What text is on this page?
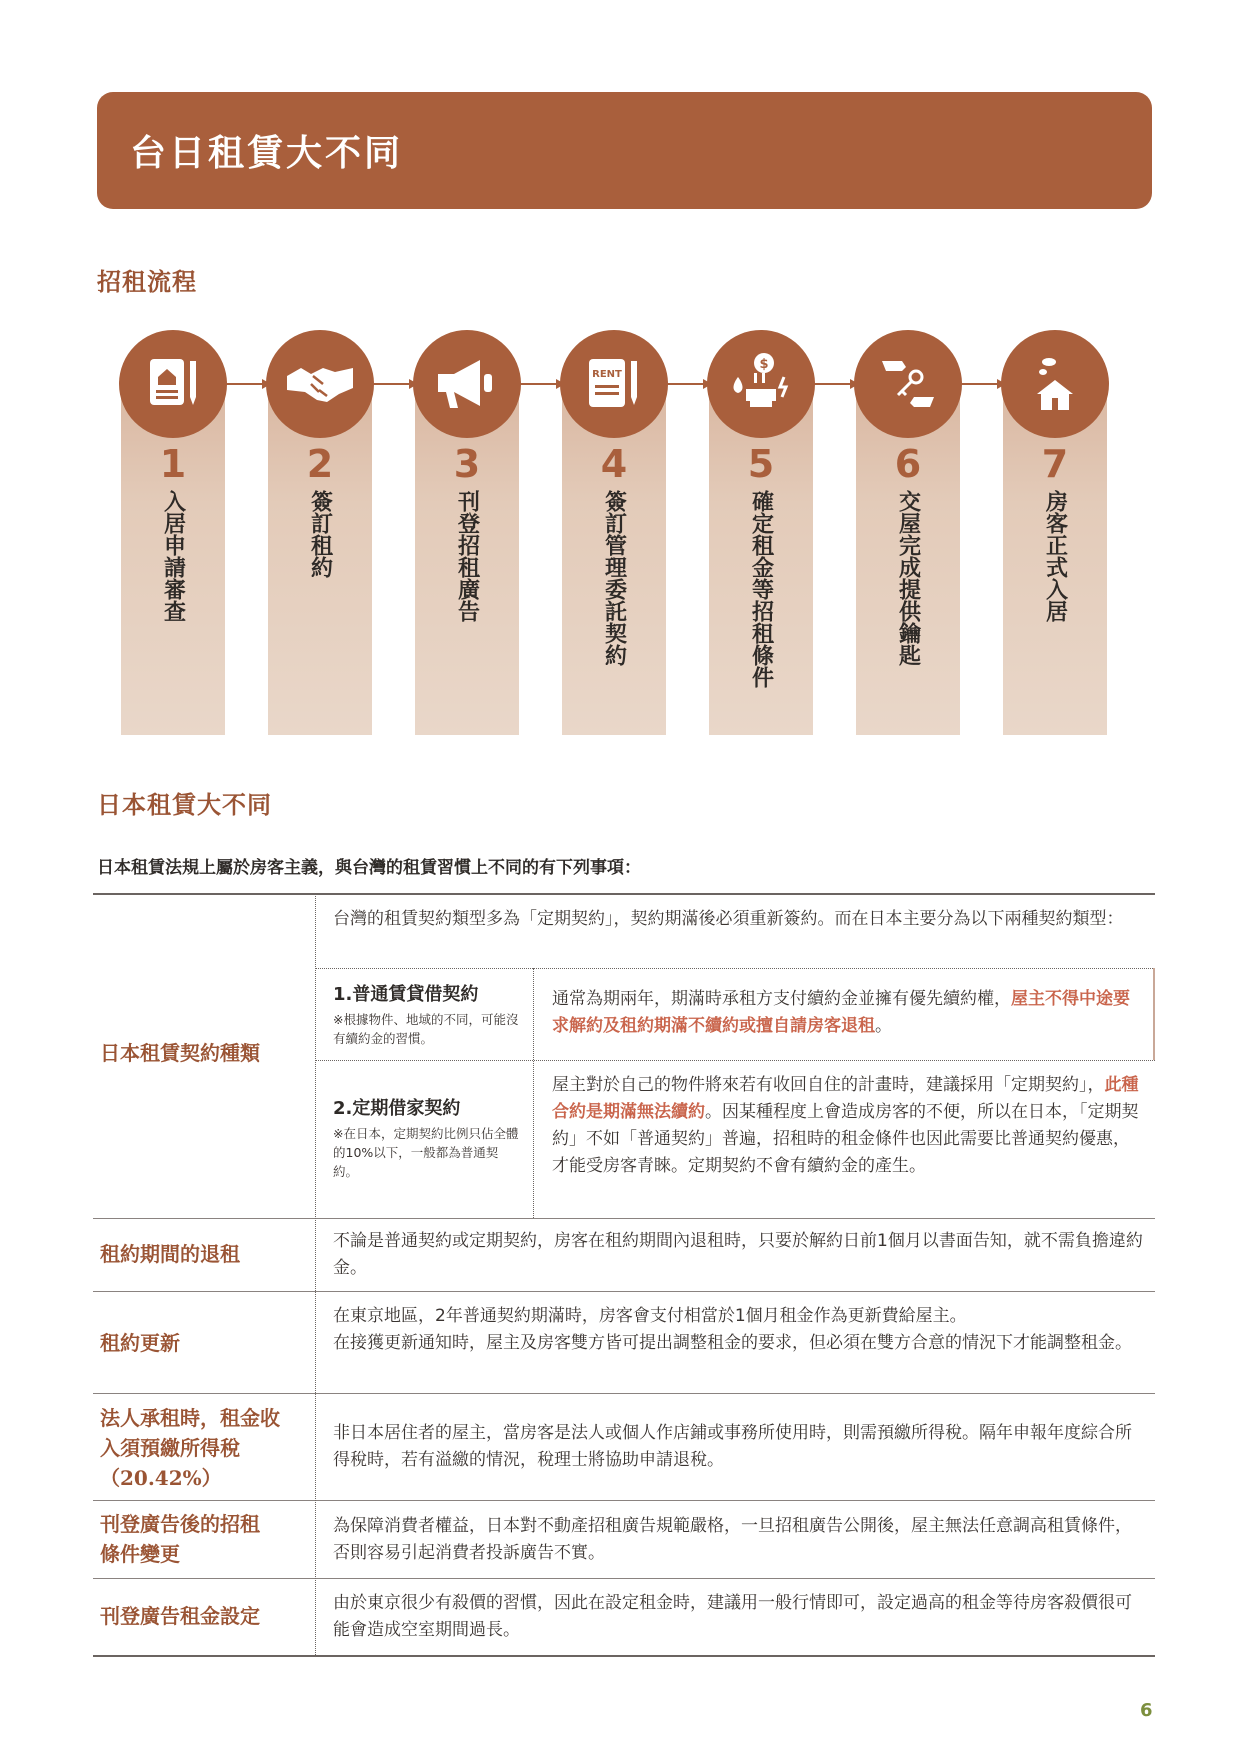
台日租賃大不同
招租流程
1
入居申請審查
2
簽訂租約
3
刊登招租廣告
RENT
4
簽訂管理委託契約
$
5
確定租金等招租條件
6
交屋完成提供鑰匙
7
房客正式入居
日本租賃大不同

日本租賃法規上屬於房客主義，與台灣的租賃習慣上不同的有下列事項：

日本租賃契約種類

台灣的租賃契約類型多為「定期契約」，契約期滿後必須重新簽約。而在日本主要分為以下兩種契約類型：

1.普通賃貸借契約

※根據物件、地域的不同，可能沒有續約金的習慣。

通常為期兩年，期滿時承租方支付續約金並擁有優先續約權，屋主不得中途要求解約及租約期滿不續約或擅自請房客退租。

2.定期借家契約

※在日本，定期契約比例只佔全體的10%以下，一般都為普通契約。

屋主對於自己的物件將來若有收回自住的計畫時，建議採用「定期契約」，此種合約是期滿無法續約。因某種程度上會造成房客的不便，所以在日本，「定期契約」不如「普通契約」普遍，招租時的租金條件也因此需要比普通契約優惠，才能受房客青睞。定期契約不會有續約金的產生。

租約期間的退租

不論是普通契約或定期契約，房客在租約期間內退租時，只要於解約日前1個月以書面告知，就不需負擔違約金。

租約更新

在東京地區，2年普通契約期滿時，房客會支付相當於1個月租金作為更新費給屋主。

在接獲更新通知時，屋主及房客雙方皆可提出調整租金的要求，但必須在雙方合意的情況下才能調整租金。

法人承租時，租金收入須預繳所得稅（20.42%）

非日本居住者的屋主，當房客是法人或個人作店鋪或事務所使用時，則需預繳所得稅。隔年申報年度綜合所得稅時，若有溢繳的情況，稅理士將協助申請退稅。

刊登廣告後的招租條件變更

為保障消費者權益，日本對不動產招租廣告規範嚴格，一旦招租廣告公開後，屋主無法任意調高租賃條件，否則容易引起消費者投訴廣告不實。

刊登廣告租金設定

由於東京很少有殺價的習慣，因此在設定租金時，建議用一般行情即可，設定過高的租金等待房客殺價很可能會造成空室期間過長。

6
